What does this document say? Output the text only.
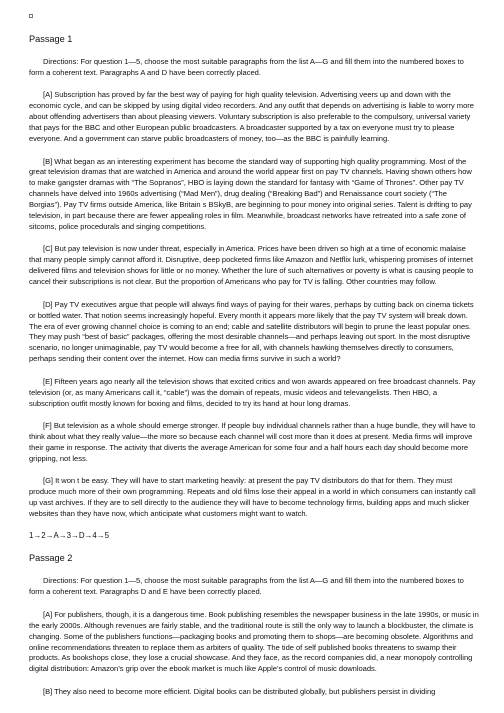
Passage 1

Directions: For question 1—5, choose the most suitable paragraphs from the list A—G and fill them into the numbered boxes to form a coherent text. Paragraphs A and D have been correctly placed.

[A] Subscription has proved by far the best way of paying for high quality television. Advertising veers up and down with the economic cycle, and can be skipped by using digital video recorders. And any outfit that depends on advertising is liable to worry more about offending advertisers than about pleasing viewers. Voluntary subscription is also preferable to the compulsory, universal variety that pays for the BBC and other European public broadcasters. A broadcaster supported by a tax on everyone must try to please everyone. And a government can starve public broadcasters of money, too—as the BBC is painfully learning.

[B] What began as an interesting experiment has become the standard way of supporting high quality programming. Most of the great television dramas that are watched in America and around the world appear first on pay TV channels. Having shown others how to make gangster dramas with “The Sopranos”, HBO is laying down the standard for fantasy with “Game of Thrones”. Other pay TV channels have delved into 1960s advertising (“Mad Men”), drug dealing (“Breaking Bad”) and Renaissance court society (“The Borgias”). Pay TV firms outside America, like Britain s BSkyB, are beginning to pour money into original series. Talent is drifting to pay television, in part because there are fewer appealing roles in film. Meanwhile, broadcast networks have retreated into a safe zone of sitcoms, police procedurals and singing competitions.

[C] But pay television is now under threat, especially in America. Prices have been driven so high at a time of economic malaise that many people simply cannot afford it. Disruptive, deep pocketed firms like Amazon and Netflix lurk, whispering promises of internet delivered films and television shows for little or no money. Whether the lure of such alternatives or poverty is what is causing people to cancel their subscriptions is not clear. But the proportion of Americans who pay for TV is falling. Other countries may follow.

[D] Pay TV executives argue that people will always find ways of paying for their wares, perhaps by cutting back on cinema tickets or bottled water. That notion seems increasingly hopeful. Every month it appears more likely that the pay TV system will break down. The era of ever growing channel choice is coming to an end; cable and satellite distributors will begin to prune the least popular ones. They may push “best of basic” packages, offering the most desirable channels—and perhaps leaving out sport. In the most disruptive scenario, no longer unimaginable, pay TV would become a free for all, with channels hawking themselves directly to consumers, perhaps sending their content over the internet. How can media firms survive in such a world?

[E] Fifteen years ago nearly all the television shows that excited critics and won awards appeared on free broadcast channels. Pay television (or, as many Americans call it, “cable”) was the domain of repeats, music videos and televangelists. Then HBO, a subscription outfit mostly known for boxing and films, decided to try its hand at hour long dramas.

[F] But television as a whole should emerge stronger. If people buy individual channels rather than a huge bundle, they will have to think about what they really value—the more so because each channel will cost more than it does at present. Media firms will improve their game in response. The activity that diverts the average American for some four and a half hours each day should become more gripping, not less.

[G] It won t be easy. They will have to start marketing heavily: at present the pay TV distributors do that for them. They must produce much more of their own programming. Repeats and old films lose their appeal in a world in which consumers can instantly call up vast archives. If they are to sell directly to the audience they will have to become technology firms, building apps and much slicker websites than they have now, which anticipate what customers might want to watch.

1→2→A→3→D→4→5

Passage 2

Directions: For question 1—5, choose the most suitable paragraphs from the list A—G and fill them into the numbered boxes to form a coherent text. Paragraphs D and E have been correctly placed.

[A] For publishers, though, it is a dangerous time. Book publishing resembles the newspaper business in the late 1990s, or music in the early 2000s. Although revenues are fairly stable, and the traditional route is still the only way to launch a blockbuster, the climate is changing. Some of the publishers functions—packaging books and promoting them to shops—are becoming obsolete. Algorithms and online recommendations threaten to replace them as arbiters of quality. The tide of self published books threatens to swamp their products. As bookshops close, they lose a crucial showcase. And they face, as the record companies did, a near monopoly controlling digital distribution: Amazon’s grip over the ebook market is much like Apple’s control of music downloads.

[B] They also need to become more efficient. Digital books can be distributed globally, but publishers persist in dividing
